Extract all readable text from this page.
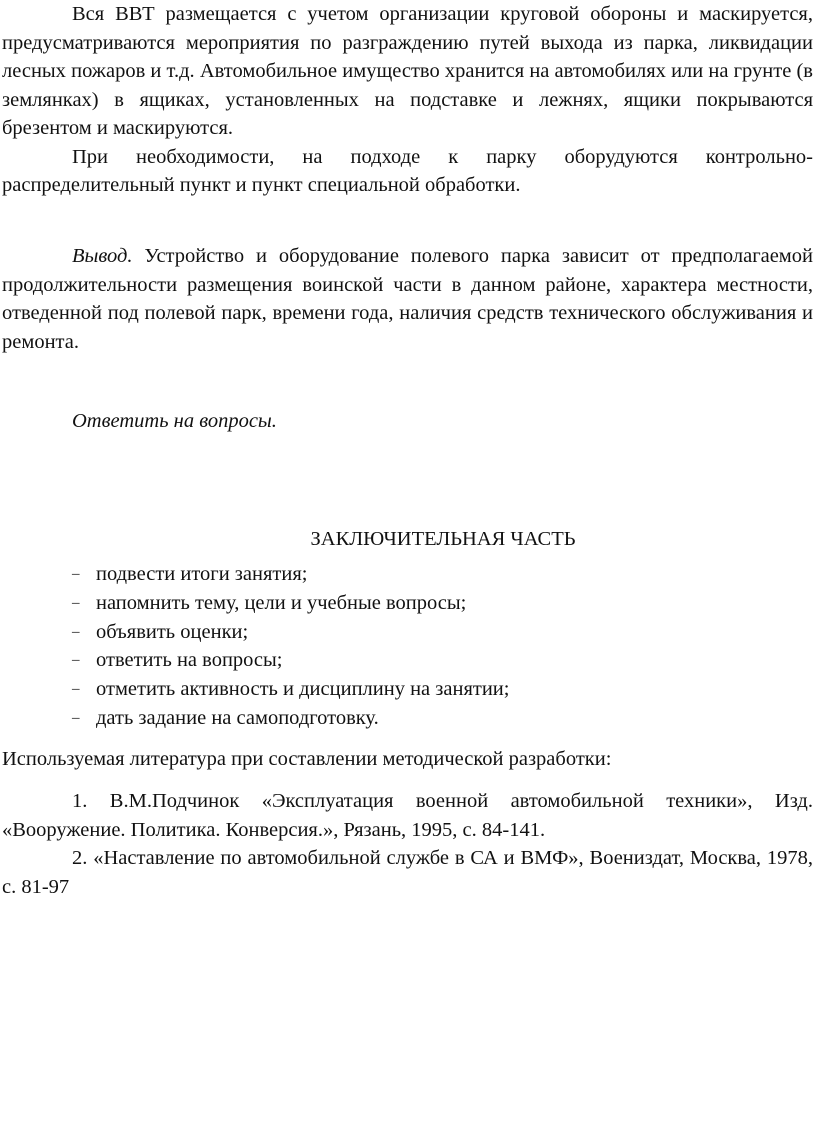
Вся ВВТ размещается с учетом организации круговой обороны и маскируется, предусматриваются мероприятия по разграждению путей выхода из парка, ликвидации лесных пожаров и т.д. Автомобильное имущество хранится на автомобилях или на грунте (в землянках) в ящиках, установленных на подставке и лежнях, ящики покрываются брезентом и маскируются.

При необходимости, на подходе к парку оборудуются контрольно-распределительный пункт и пункт специальной обработки.

Вывод. Устройство и оборудование полевого парка зависит от предполагаемой продолжительности размещения воинской части в данном районе, характера местности, отведенной под полевой парк, времени года, наличия средств технического обслуживания и ремонта.

Ответить на вопросы.

ЗАКЛЮЧИТЕЛЬНАЯ ЧАСТЬ
– подвести итоги занятия;
– напомнить тему, цели и учебные вопросы;
– объявить оценки;
– ответить на вопросы;
– отметить активность и дисциплину на занятии;
– дать задание на самоподготовку.

Используемая литература при составлении методической разработки:

1. В.М.Подчинок «Эксплуатация военной автомобильной техники», Изд. «Вооружение. Политика. Конверсия.», Рязань, 1995, с. 84-141.

2. «Наставление по автомобильной службе в СА и ВМФ», Воениздат, Москва, 1978, с. 81-97
